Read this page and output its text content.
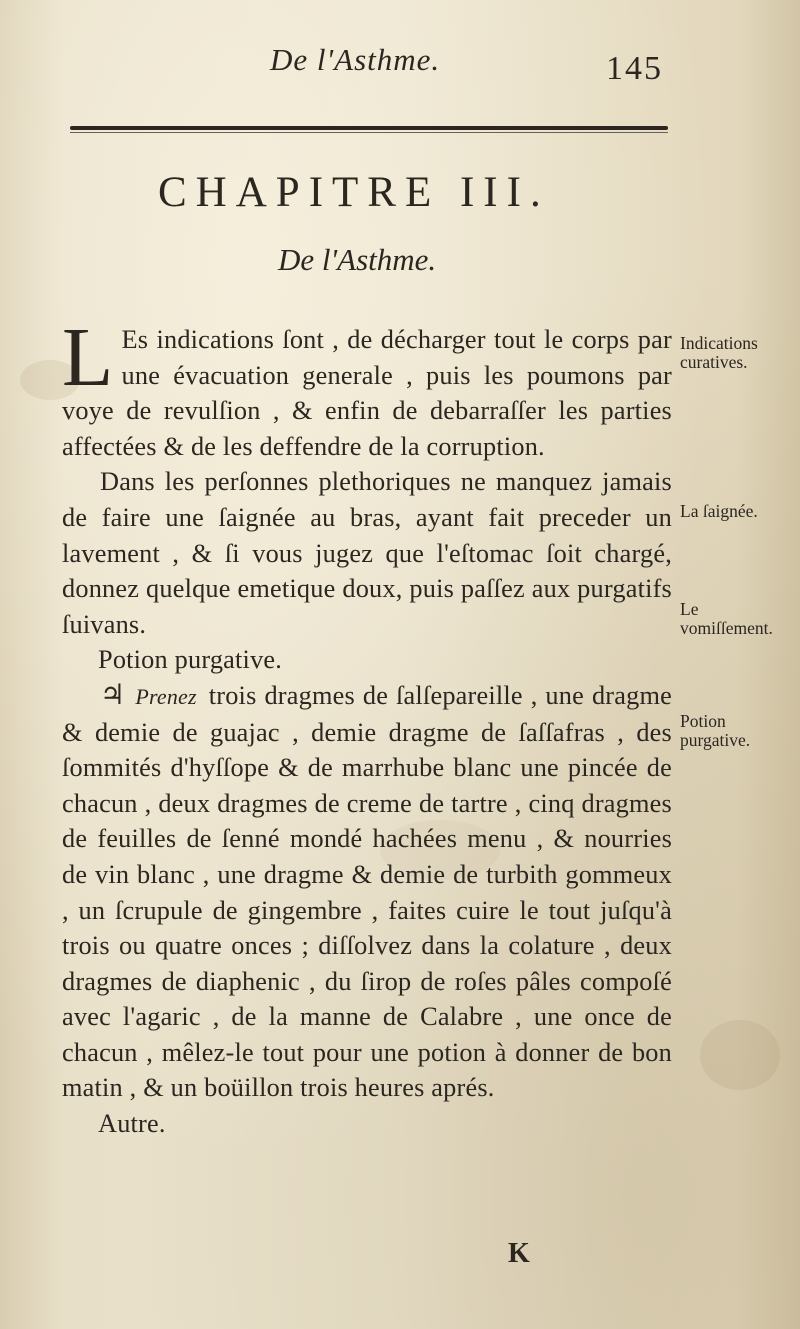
De l'Asthme.	145
CHAPITRE III.
De l'Asthme.

L Es indications ſont , de décharger tout le corps par une évacuation generale , puis les poumons par voye de revulſion , & enfin de debarraſſer les parties affectées & de les deffendre de la corruption.

Dans les perſonnes plethoriques ne manquez jamais de faire une ſaignée au bras, ayant fait preceder un lavement , & ſi vous jugez que l'eſtomac ſoit chargé, donnez quelque emetique doux, puis paſſez aux purgatifs ſuivans.

Potion purgative.

♃ Prenez trois dragmes de ſalſepareille , une dragme & demie de guajac , demie dragme de ſaſſafras , des ſommités d'hyſſope & de marrhube blanc une pincée de chacun , deux dragmes de creme de tartre , cinq dragmes de feuilles de ſenné mondé hachées menu , & nourries de vin blanc , une dragme & demie de turbith gommeux , un ſcrupule de gingembre , faites cuire le tout juſqu'à trois ou quatre onces ; diſſolvez dans la colature , deux dragmes de diaphenic , du ſirop de roſes pâles compoſé avec l'agaric , de la manne de Calabre , une once de chacun , mêlez-le tout pour une potion à donner de bon matin , & un boüillon trois heures aprés.

Autre.

Indications curatives.
La ſaignée.
Le vomiſſement.
Potion purgative.
K
